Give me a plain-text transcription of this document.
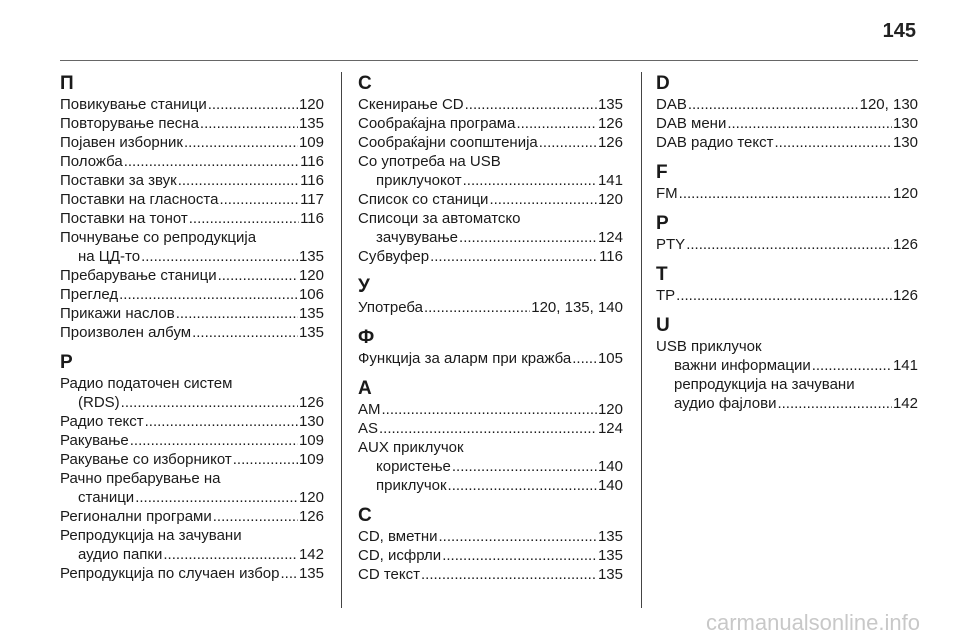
145
П
Повикување станици .....	120
Повторување песна .....	135
Појавен изборник .....	109
Положба .....	116
Поставки за звук .....	116
Поставки на гласноста .....	117
Поставки на тонот .....	116
Почнување со репродукција
на ЦД-то .....	135
Пребарување станици .....	120
Преглед .....	106
Прикажи наслов .....	135
Произволен албум .....	135
Р
Радио податочен систем
(RDS) .....	126
Радио текст .....	130
Ракување .....	109
Ракување со изборникот .....	109
Рачно пребарување на
станици .....	120
Регионални програми .....	126
Репродукција на зачувани
аудио папки .....	142
Репродукција по случаен избор ..... 135
С
Скенирање CD .....	135
Сообраќајна програма .....	126
Сообраќајни соопштенија .....	126
Со употреба на USB
приклучокот .....	141
Список со станици .....	120
Списоци за автоматско
зачувување .....	124
Субвуфер .....	116
У
Употреба .....	120, 135, 140
Ф
Функција за аларм при кражба ..... 105
A
AM .....	120
AS .....	124
AUX приклучок
користење .....	140
приклучок .....	140
C
CD, вметни .....	135
CD, исфрли .....	135
CD текст .....	135
D
DAB .....	120, 130
DAB мени .....	130
DAB радио текст .....	130
F
FM .....	120
P
PTY .....	126
T
TP .....	126
U
USB приклучок
важни информации .....	141
репродукција на зачувани
аудио фајлови .....	142
carmanualsonline.info
